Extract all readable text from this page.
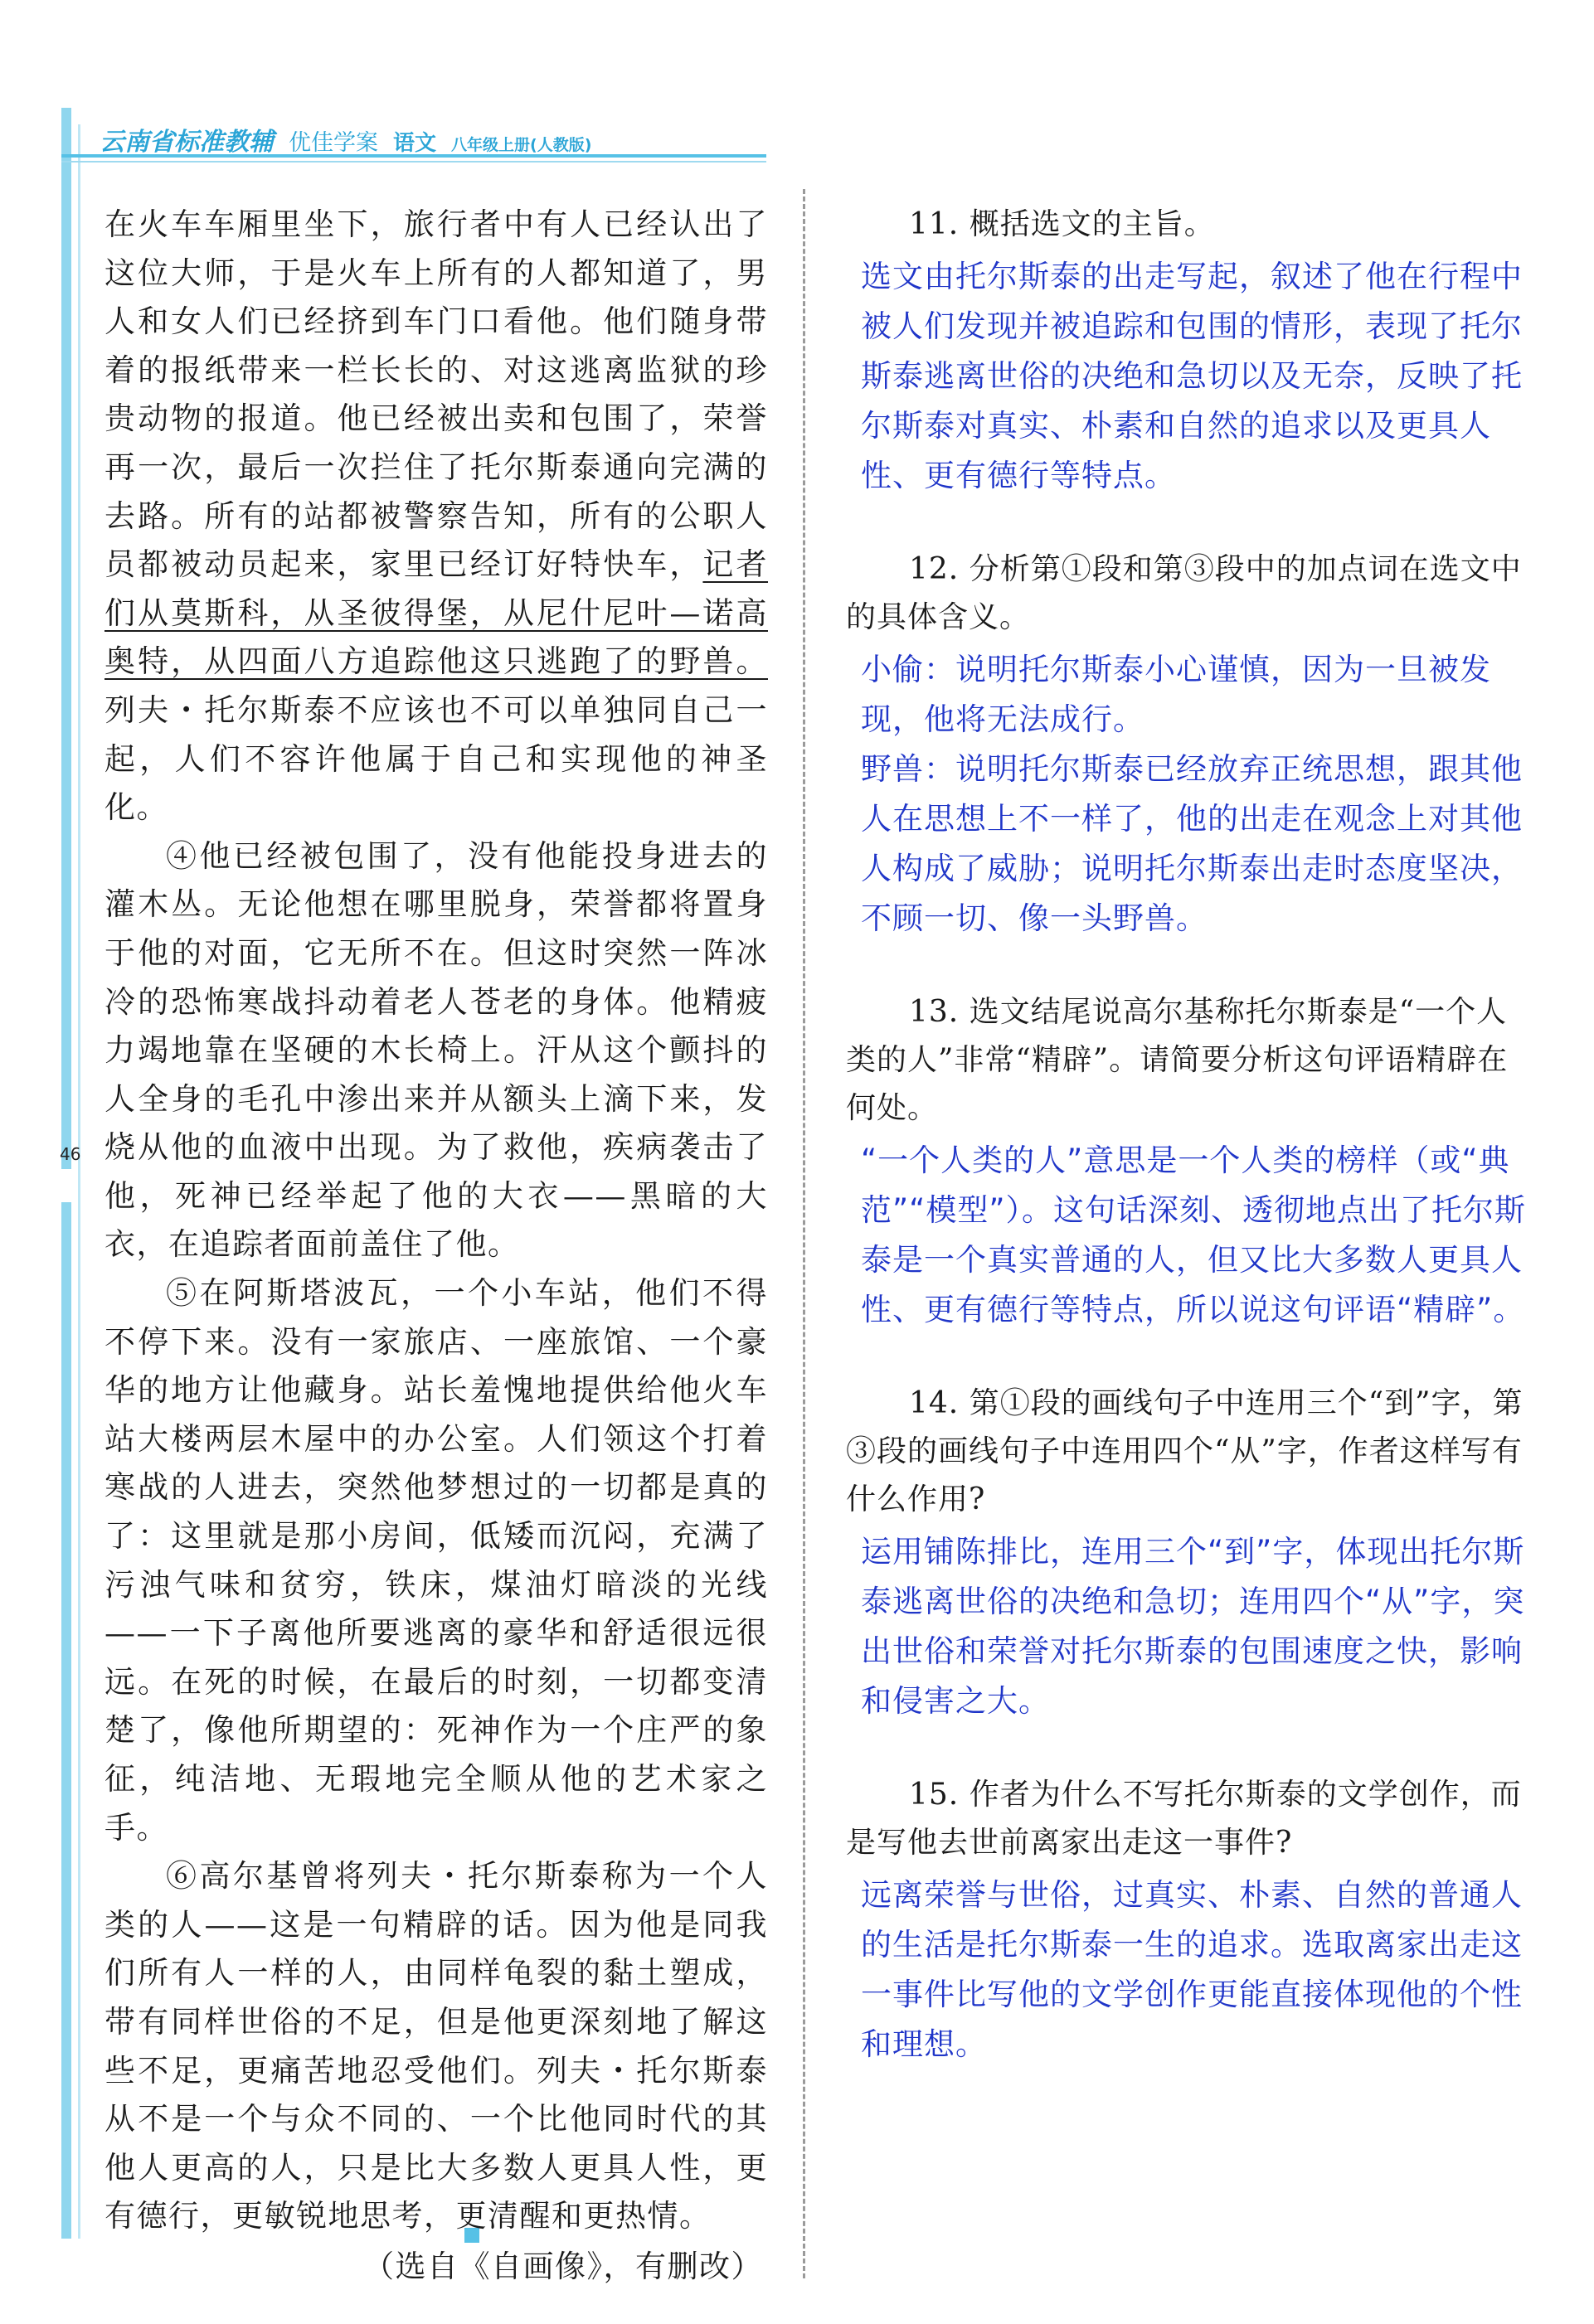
云南省标准教辅 优佳学案 语文 八年级上册(人教版)
46

在火车车厢里坐下，旅行者中有人已经认出了这位大师，于是火车上所有的人都知道了，男人和女人们已经挤到车门口看他。他们随身带着的报纸带来一栏长长的、对这逃离监狱的珍贵动物的报道。他已经被出卖和包围了，荣誉再一次，最后一次拦住了托尔斯泰通向完满的去路。所有的站都被警察告知，所有的公职人员都被动员起来，家里已经订好特快车，记者们从莫斯科，从圣彼得堡，从尼什尼叶—诺高奥特，从四面八方追踪他这只逃跑了的野兽。列夫・托尔斯泰不应该也不可以单独同自己一起，人们不容许他属于自己和实现他的神圣化。

④他已经被包围了，没有他能投身进去的灌木丛。无论他想在哪里脱身，荣誉都将置身于他的对面，它无所不在。但这时突然一阵冰冷的恐怖寒战抖动着老人苍老的身体。他精疲力竭地靠在坚硬的木长椅上。汗从这个颤抖的人全身的毛孔中渗出来并从额头上滴下来，发烧从他的血液中出现。为了救他，疾病袭击了他，死神已经举起了他的大衣——黑暗的大衣，在追踪者面前盖住了他。

⑤在阿斯塔波瓦，一个小车站，他们不得不停下来。没有一家旅店、一座旅馆、一个豪华的地方让他藏身。站长羞愧地提供给他火车站大楼两层木屋中的办公室。人们领这个打着寒战的人进去，突然他梦想过的一切都是真的了：这里就是那小房间，低矮而沉闷，充满了污浊气味和贫穷，铁床，煤油灯暗淡的光线——一下子离他所要逃离的豪华和舒适很远很远。在死的时候，在最后的时刻，一切都变清楚了，像他所期望的：死神作为一个庄严的象征，纯洁地、无瑕地完全顺从他的艺术家之手。

⑥高尔基曾将列夫・托尔斯泰称为一个人类的人——这是一句精辟的话。因为他是同我们所有人一样的人，由同样龟裂的黏土塑成，带有同样世俗的不足，但是他更深刻地了解这些不足，更痛苦地忍受他们。列夫・托尔斯泰从不是一个与众不同的、一个比他同时代的其他人更高的人，只是比大多数人更具人性，更有德行，更敏锐地思考，更清醒和更热情。

（选自《自画像》，有删改）

11. 概括选文的主旨。

选文由托尔斯泰的出走写起，叙述了他在行程中被人们发现并被追踪和包围的情形，表现了托尔斯泰逃离世俗的决绝和急切以及无奈，反映了托尔斯泰对真实、朴素和自然的追求以及更具人性、更有德行等特点。

12. 分析第①段和第③段中的加点词在选文中的具体含义。

小偷：说明托尔斯泰小心谨慎，因为一旦被发现，他将无法成行。

野兽：说明托尔斯泰已经放弃正统思想，跟其他人在思想上不一样了，他的出走在观念上对其他人构成了威胁；说明托尔斯泰出走时态度坚决，不顾一切、像一头野兽。

13. 选文结尾说高尔基称托尔斯泰是“一个人类的人”非常“精辟”。请简要分析这句评语精辟在何处。

“一个人类的人”意思是一个人类的榜样（或“典范”“模型”）。这句话深刻、透彻地点出了托尔斯泰是一个真实普通的人，但又比大多数人更具人性、更有德行等特点，所以说这句评语“精辟”。

14. 第①段的画线句子中连用三个“到”字，第③段的画线句子中连用四个“从”字，作者这样写有什么作用?

运用铺陈排比，连用三个“到”字，体现出托尔斯泰逃离世俗的决绝和急切；连用四个“从”字，突出世俗和荣誉对托尔斯泰的包围速度之快，影响和侵害之大。

15. 作者为什么不写托尔斯泰的文学创作，而是写他去世前离家出走这一事件?

远离荣誉与世俗，过真实、朴素、自然的普通人的生活是托尔斯泰一生的追求。选取离家出走这一事件比写他的文学创作更能直接体现他的个性和理想。
